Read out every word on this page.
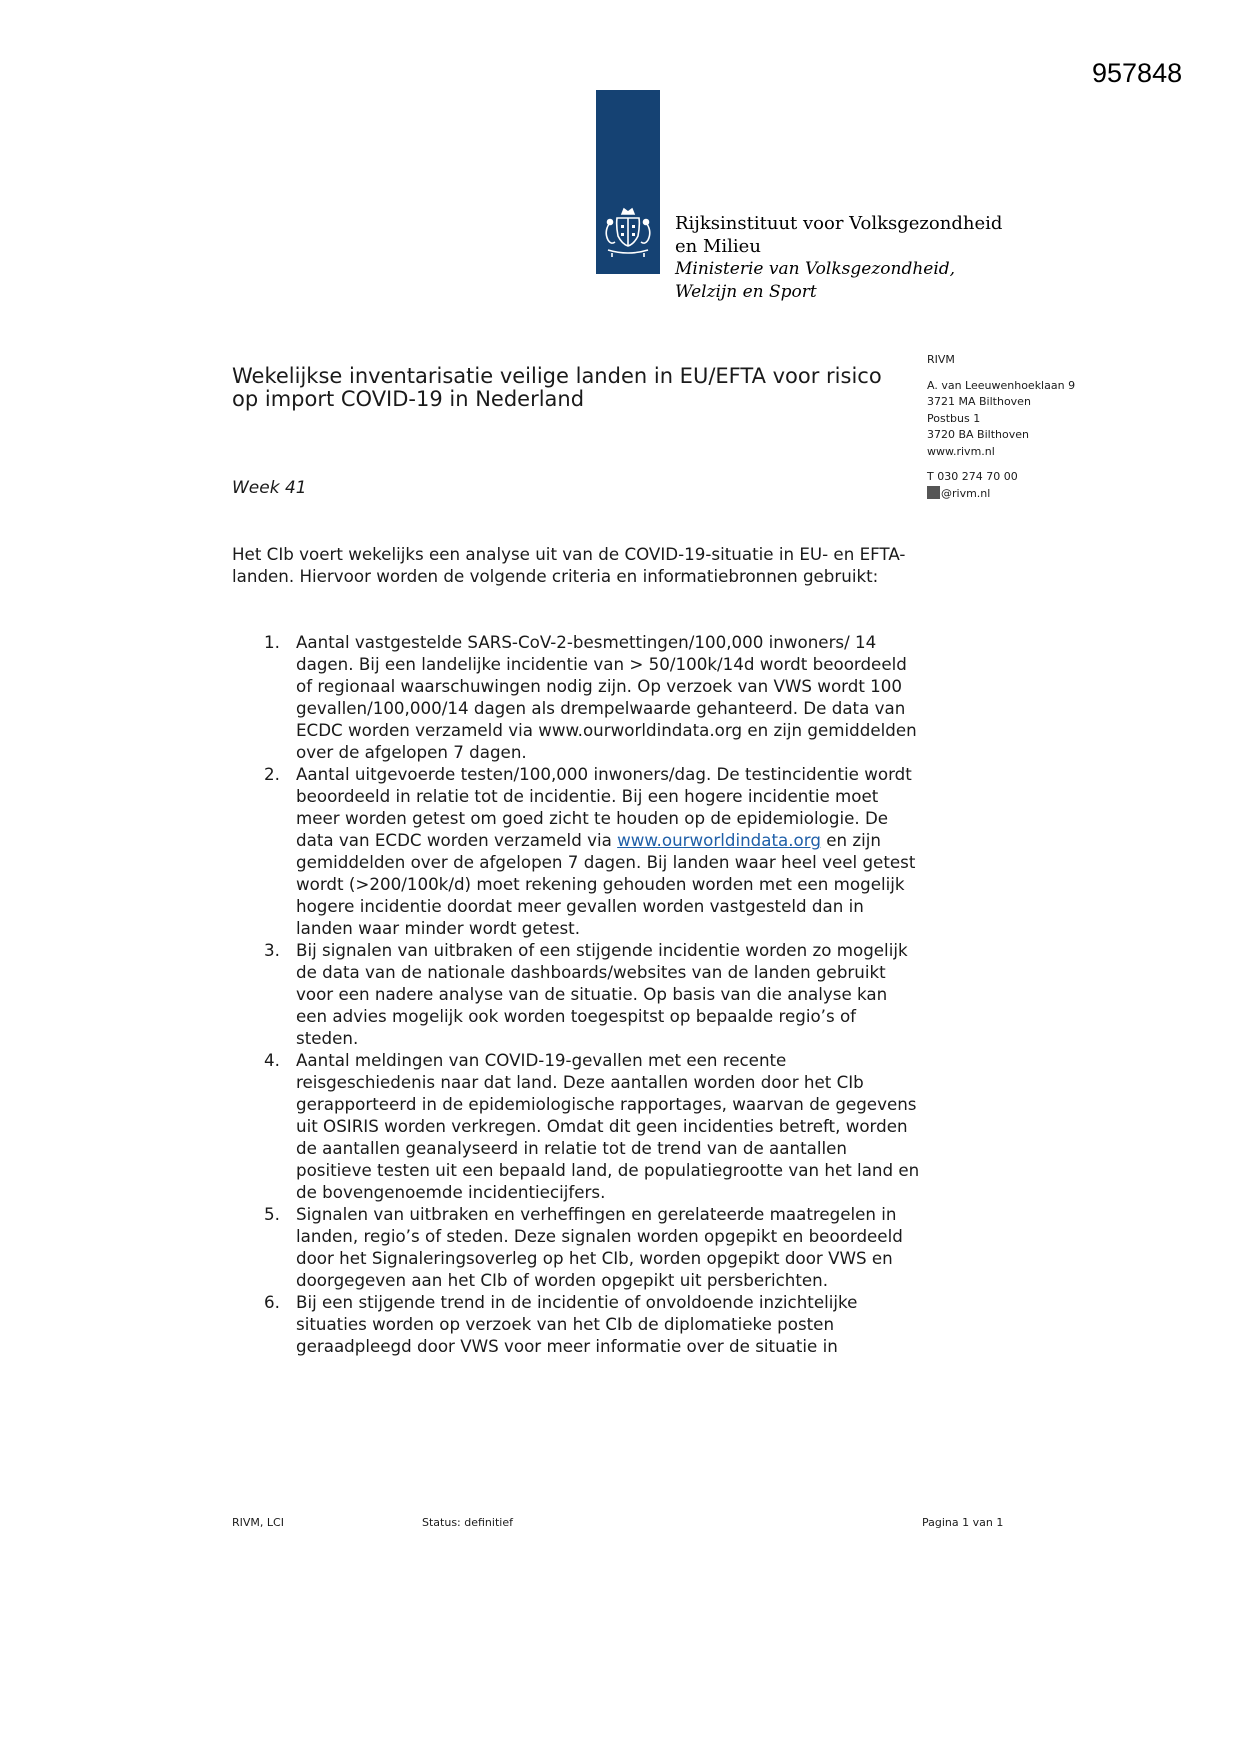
957848
Rijksinstituut voor Volksgezondheid
en Milieu
Ministerie van Volksgezondheid,
Welzijn en Sport
Wekelijkse inventarisatie veilige landen in EU/EFTA voor risico op import COVID-19 in Nederland
Week 41
RIVM
A. van Leeuwenhoeklaan 9
3721 MA Bilthoven
Postbus 1
3720 BA Bilthoven
www.rivm.nl
T 030 274 70 00
@rivm.nl

Het CIb voert wekelijks een analyse uit van de COVID-19-situatie in EU- en EFTA-landen. Hiervoor worden de volgende criteria en informatiebronnen gebruikt:

1. Aantal vastgestelde SARS-CoV-2-besmettingen/100,000 inwoners/ 14 dagen. Bij een landelijke incidentie van > 50/100k/14d wordt beoordeeld of regionaal waarschuwingen nodig zijn. Op verzoek van VWS wordt 100 gevallen/100,000/14 dagen als drempelwaarde gehanteerd. De data van ECDC worden verzameld via www.ourworldindata.org en zijn gemiddelden over de afgelopen 7 dagen.
2. Aantal uitgevoerde testen/100,000 inwoners/dag. De testincidentie wordt beoordeeld in relatie tot de incidentie. Bij een hogere incidentie moet meer worden getest om goed zicht te houden op de epidemiologie. De data van ECDC worden verzameld via www.ourworldindata.org en zijn gemiddelden over de afgelopen 7 dagen. Bij landen waar heel veel getest wordt (>200/100k/d) moet rekening gehouden worden met een mogelijk hogere incidentie doordat meer gevallen worden vastgesteld dan in landen waar minder wordt getest.
3. Bij signalen van uitbraken of een stijgende incidentie worden zo mogelijk de data van de nationale dashboards/websites van de landen gebruikt voor een nadere analyse van de situatie. Op basis van die analyse kan een advies mogelijk ook worden toegespitst op bepaalde regio’s of steden.
4. Aantal meldingen van COVID-19-gevallen met een recente reisgeschiedenis naar dat land. Deze aantallen worden door het CIb gerapporteerd in de epidemiologische rapportages, waarvan de gegevens uit OSIRIS worden verkregen. Omdat dit geen incidenties betreft, worden de aantallen geanalyseerd in relatie tot de trend van de aantallen positieve testen uit een bepaald land, de populatiegrootte van het land en de bovengenoemde incidentiecijfers.
5. Signalen van uitbraken en verheffingen en gerelateerde maatregelen in landen, regio’s of steden. Deze signalen worden opgepikt en beoordeeld door het Signaleringsoverleg op het CIb, worden opgepikt door VWS en doorgegeven aan het CIb of worden opgepikt uit persberichten.
6. Bij een stijgende trend in de incidentie of onvoldoende inzichtelijke situaties worden op verzoek van het CIb de diplomatieke posten geraadpleegd door VWS voor meer informatie over de situatie in
RIVM, LCI	Status: definitief	Pagina 1 van 1
